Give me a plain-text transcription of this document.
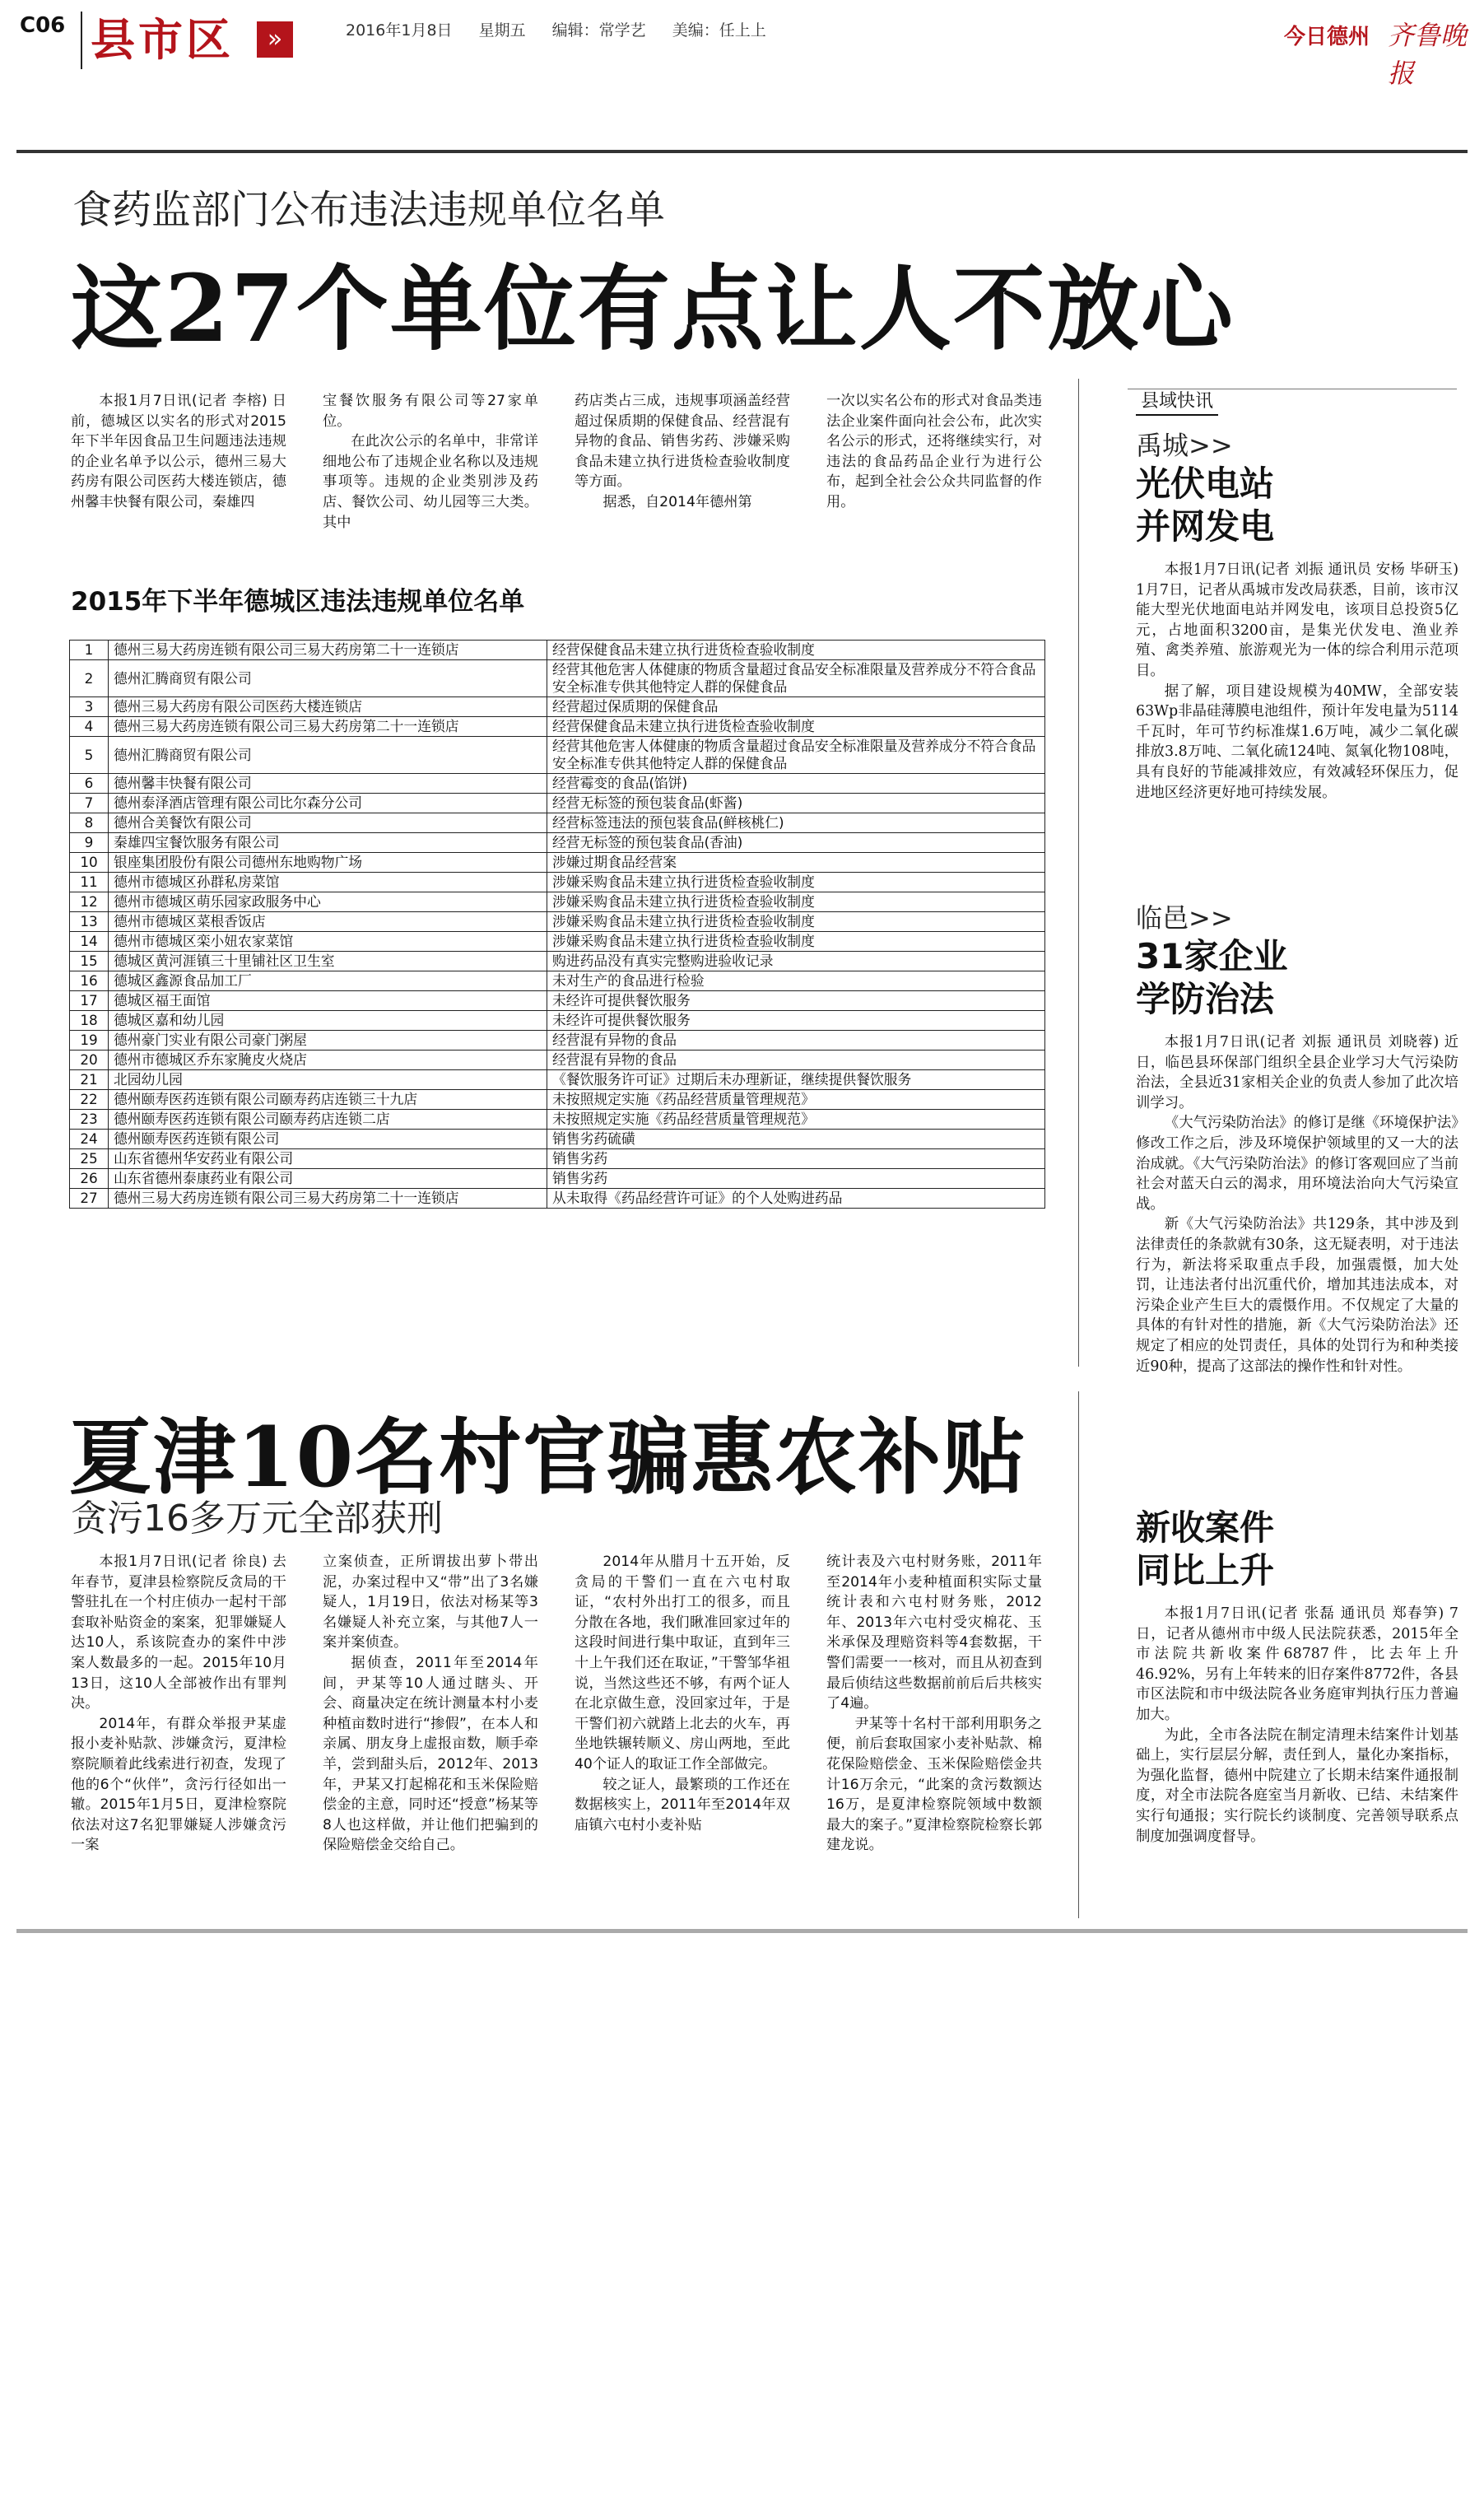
C06 县市区	»	2016年1月8日 星期五 编辑：常学艺 美编：任上上	今日德州 齐鲁晚报
食药监部门公布违法违规单位名单
这27个单位有点让人不放心

本报1月7日讯(记者 李榕) 日前，德城区以实名的形式对2015年下半年因食品卫生问题违法违规的企业名单予以公示，德州三易大药房有限公司医药大楼连锁店，德州馨丰快餐有限公司，秦雄四

宝餐饮服务有限公司等27家单位。

在此次公示的名单中，非常详细地公布了违规企业名称以及违规事项等。违规的企业类别涉及药店、餐饮公司、幼儿园等三大类。其中

药店类占三成，违规事项涵盖经营超过保质期的保健食品、经营混有异物的食品、销售劣药、涉嫌采购食品未建立执行进货检查验收制度等方面。

据悉，自2014年德州第

一次以实名公布的形式对食品类违法企业案件面向社会公布，此次实名公示的形式，还将继续实行，对违法的食品药品企业行为进行公布，起到全社会公众共同监督的作用。

2015年下半年德城区违法违规单位名单
1	德州三易大药房连锁有限公司三易大药房第二十一连锁店	经营保健食品未建立执行进货检查验收制度
2	德州汇腾商贸有限公司	经营其他危害人体健康的物质含量超过食品安全标准限量及营养成分不符合食品安全标准专供其他特定人群的保健食品
3	德州三易大药房有限公司医药大楼连锁店	经营超过保质期的保健食品
4	德州三易大药房连锁有限公司三易大药房第二十一连锁店	经营保健食品未建立执行进货检查验收制度
5	德州汇腾商贸有限公司	经营其他危害人体健康的物质含量超过食品安全标准限量及营养成分不符合食品安全标准专供其他特定人群的保健食品
6	德州馨丰快餐有限公司	经营霉变的食品(馅饼)
7	德州泰泽酒店管理有限公司比尔森分公司	经营无标签的预包装食品(虾酱)
8	德州合美餐饮有限公司	经营标签违法的预包装食品(鲜核桃仁)
9	秦雄四宝餐饮服务有限公司	经营无标签的预包装食品(香油)
10	银座集团股份有限公司德州东地购物广场	涉嫌过期食品经营案
11	德州市德城区孙群私房菜馆	涉嫌采购食品未建立执行进货检查验收制度
12	德州市德城区萌乐园家政服务中心	涉嫌采购食品未建立执行进货检查验收制度
13	德州市德城区菜根香饭店	涉嫌采购食品未建立执行进货检查验收制度
14	德州市德城区栾小妞农家菜馆	涉嫌采购食品未建立执行进货检查验收制度
15	德城区黄河涯镇三十里铺社区卫生室	购进药品没有真实完整购进验收记录
16	德城区鑫源食品加工厂	未对生产的食品进行检验
17	德城区福王面馆	未经许可提供餐饮服务
18	德城区嘉和幼儿园	未经许可提供餐饮服务
19	德州豪门实业有限公司豪门粥屋	经营混有异物的食品
20	德州市德城区乔东家腌皮火烧店	经营混有异物的食品
21	北园幼儿园	《餐饮服务许可证》过期后未办理新证，继续提供餐饮服务
22	德州颐寿医药连锁有限公司颐寿药店连锁三十九店	未按照规定实施《药品经营质量管理规范》
23	德州颐寿医药连锁有限公司颐寿药店连锁二店	未按照规定实施《药品经营质量管理规范》
24	德州颐寿医药连锁有限公司	销售劣药硫磺
25	山东省德州华安药业有限公司	销售劣药
26	山东省德州泰康药业有限公司	销售劣药
27	德州三易大药房连锁有限公司三易大药房第二十一连锁店	从未取得《药品经营许可证》的个人处购进药品
夏津10名村官骗惠农补贴
贪污16多万元全部获刑

本报1月7日讯(记者 徐良) 去年春节，夏津县检察院反贪局的干警驻扎在一个村庄侦办一起村干部套取补贴资金的案案，犯罪嫌疑人达10人，系该院查办的案件中涉案人数最多的一起。2015年10月13日，这10人全部被作出有罪判决。

2014年，有群众举报尹某虚报小麦补贴款、涉嫌贪污，夏津检察院顺着此线索进行初查，发现了他的6个“伙伴”，贪污行径如出一辙。2015年1月5日，夏津检察院依法对这7名犯罪嫌疑人涉嫌贪污一案

立案侦查，正所谓拔出萝卜带出泥，办案过程中又“带”出了3名嫌疑人，1月19日，依法对杨某等3名嫌疑人补充立案，与其他7人一案并案侦查。

据侦查，2011年至2014年间，尹某等10人通过瞎头、开会、商量决定在统计测量本村小麦种植亩数时进行“掺假”，在本人和亲属、朋友身上虚报亩数，顺手牵羊，尝到甜头后，2012年、2013年，尹某又打起棉花和玉米保险赔偿金的主意，同时还“授意”杨某等8人也这样做，并让他们把骗到的保险赔偿金交给自己。

2014年从腊月十五开始，反贪局的干警们一直在六屯村取证，“农村外出打工的很多，而且分散在各地，我们瞅准回家过年的这段时间进行集中取证，直到年三十上午我们还在取证，”干警邹华祖说，当然这些还不够，有两个证人在北京做生意，没回家过年，于是干警们初六就踏上北去的火车，再坐地铁辗转顺义、房山两地，至此40个证人的取证工作全部做完。

较之证人，最繁琐的工作还在数据核实上，2011年至2014年双庙镇六屯村小麦补贴

统计表及六屯村财务账，2011年至2014年小麦种植面积实际丈量统计表和六屯村财务账，2012年、2013年六屯村受灾棉花、玉米承保及理赔资料等4套数据，干警们需要一一核对，而且从初查到最后侦结这些数据前前后后共核实了4遍。

尹某等十名村干部利用职务之便，前后套取国家小麦补贴款、棉花保险赔偿金、玉米保险赔偿金共计16万余元，“此案的贪污数额达16万，是夏津检察院领域中数额最大的案子。”夏津检察院检察长郭建龙说。

县域快讯
禹城>>
光伏电站
并网发电

本报1月7日讯(记者 刘振 通讯员 安杨 毕研玉) 1月7日，记者从禹城市发改局获悉，目前，该市汉能大型光伏地面电站并网发电，该项目总投资5亿元，占地面积3200亩，是集光伏发电、渔业养殖、禽类养殖、旅游观光为一体的综合利用示范项目。

据了解，项目建设规模为40MW，全部安装63Wp非晶硅薄膜电池组件，预计年发电量为5114千瓦时，年可节约标准煤1.6万吨，减少二氧化碳排放3.8万吨、二氧化硫124吨、氮氧化物108吨，具有良好的节能减排效应，有效减轻环保压力，促进地区经济更好地可持续发展。

临邑>>
31家企业
学防治法

本报1月7日讯(记者 刘振 通讯员 刘晓蓉) 近日，临邑县环保部门组织全县企业学习大气污染防治法，全县近31家相关企业的负责人参加了此次培训学习。

《大气污染防治法》的修订是继《环境保护法》修改工作之后，涉及环境保护领域里的又一大的法治成就。《大气污染防治法》的修订客观回应了当前社会对蓝天白云的渴求，用环境法治向大气污染宣战。

新《大气污染防治法》共129条，其中涉及到法律责任的条款就有30条，这无疑表明，对于违法行为，新法将采取重点手段，加强震慑，加大处罚，让违法者付出沉重代价，增加其违法成本，对污染企业产生巨大的震慑作用。不仅规定了大量的具体的有针对性的措施，新《大气污染防治法》还规定了相应的处罚责任，具体的处罚行为和种类接近90种，提高了这部法的操作性和针对性。

新收案件
同比上升

本报1月7日讯(记者 张磊 通讯员 郑春笋) 7日，记者从德州市中级人民法院获悉，2015年全市法院共新收案件68787件，比去年上升46.92%，另有上年转来的旧存案件8772件，各县市区法院和市中级法院各业务庭审判执行压力普遍加大。

为此，全市各法院在制定清理未结案件计划基础上，实行层层分解，责任到人，量化办案指标，为强化监督，德州中院建立了长期未结案件通报制度，对全市法院各庭室当月新收、已结、未结案件实行旬通报；实行院长约谈制度、完善领导联系点制度加强调度督导。
